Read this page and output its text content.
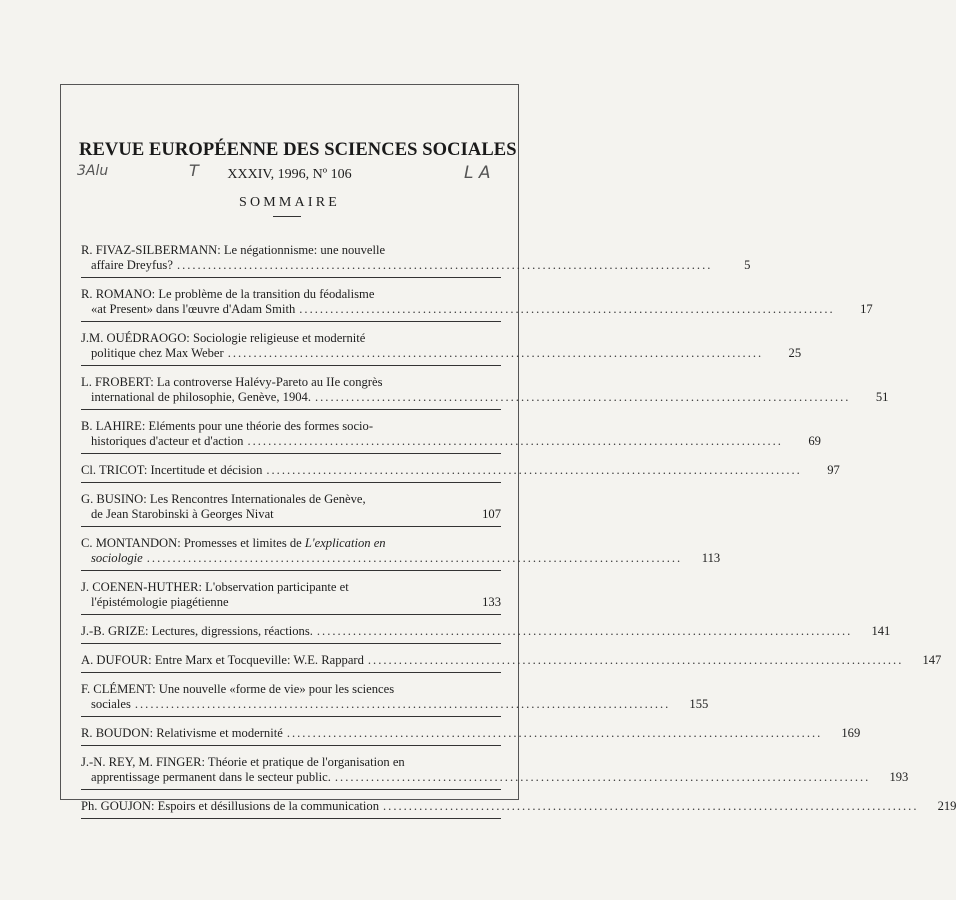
REVUE EUROPÉENNE DES SCIENCES SOCIALES
3Alu	T	XXXIV, 1996, Nº 106	L A
SOMMAIRE
R. FIVAZ-SILBERMANN: Le négationnisme: une nouvelle
affaire Dreyfus? ........................................................................................................	5
R. ROMANO: Le problème de la transition du féodalisme
«at Present» dans l'œuvre d'Adam Smith ........................................................................................................	17
J.M. OUÉDRAOGO: Sociologie religieuse et modernité
politique chez Max Weber ........................................................................................................	25
L. FROBERT: La controverse Halévy-Pareto au IIe congrès
international de philosophie, Genève, 1904. ........................................................................................................	51
B. LAHIRE: Eléments pour une théorie des formes socio-
historiques d'acteur et d'action ........................................................................................................	69
Cl. TRICOT: Incertitude et décision ........................................................................................................	97
G. BUSINO: Les Rencontres Internationales de Genève,
de Jean Starobinski à Georges Nivat	107
C. MONTANDON: Promesses et limites de L'explication en
sociologie ........................................................................................................	113
J. COENEN-HUTHER: L'observation participante et
l'épistémologie piagétienne	133
J.-B. GRIZE: Lectures, digressions, réactions. ........................................................................................................	141
A. DUFOUR: Entre Marx et Tocqueville: W.E. Rappard ........................................................................................................	147
F. CLÉMENT: Une nouvelle «forme de vie» pour les sciences
sociales ........................................................................................................	155
R. BOUDON: Relativisme et modernité ........................................................................................................	169
J.-N. REY, M. FINGER: Théorie et pratique de l'organisation en
apprentissage permanent dans le secteur public. ........................................................................................................	193
Ph. GOUJON: Espoirs et désillusions de la communication ........................................................................................................	219
